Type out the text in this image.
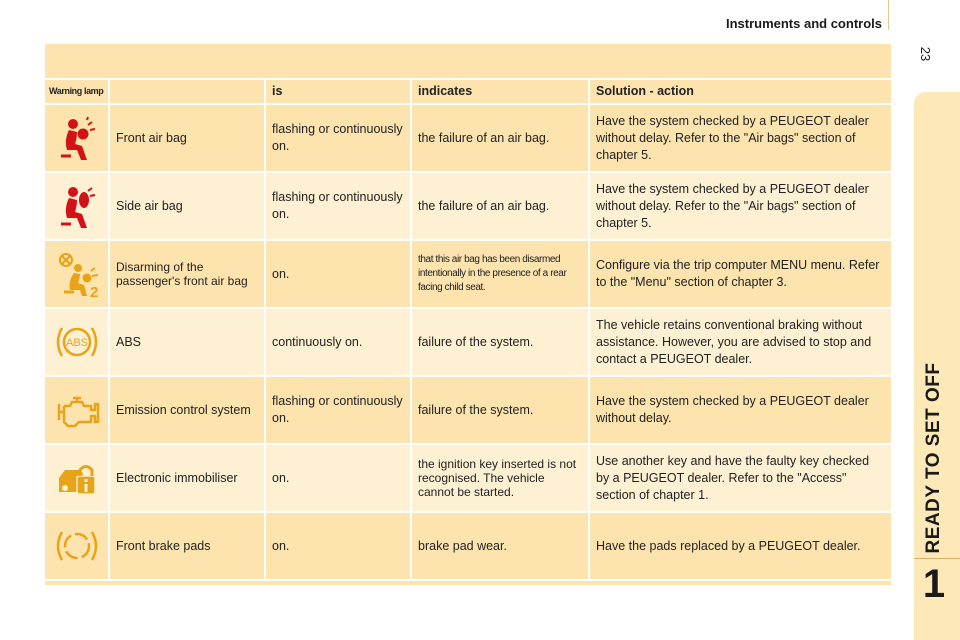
Instruments and controls
23
READY TO SET OFF
1
Warning lamp		is	indicates	Solution - action
	Front air bag	flashing or continuously on.	the failure of an air bag.	Have the system checked by a PEUGEOT dealer without delay. Refer to the "Air bags" section of chapter 5.
	Side air bag	flashing or continuously on.	the failure of an air bag.	Have the system checked by a PEUGEOT dealer without delay. Refer to the "Air bags" section of chapter 5.

2	Disarming of the passenger's front air bag	on.	that this air bag has been disarmed intentionally in the presence of a rear facing child seat.	Configure via the trip computer MENU menu. Refer to the "Menu" section of chapter 3.

ABS	ABS	continuously on.	failure of the system.	The vehicle retains conventional braking without assistance. However, you are advised to stop and contact a PEUGEOT dealer.
	Emission control system	flashing or continuously on.	failure of the system.	Have the system checked by a PEUGEOT dealer without delay.
	Electronic immobiliser	on.	the ignition key inserted is not recognised. The vehicle cannot be started.	Use another key and have the faulty key checked by a PEUGEOT dealer. Refer to the "Access" section of chapter 1.
	Front brake pads	on.	brake pad wear.	Have the pads replaced by a PEUGEOT dealer.
